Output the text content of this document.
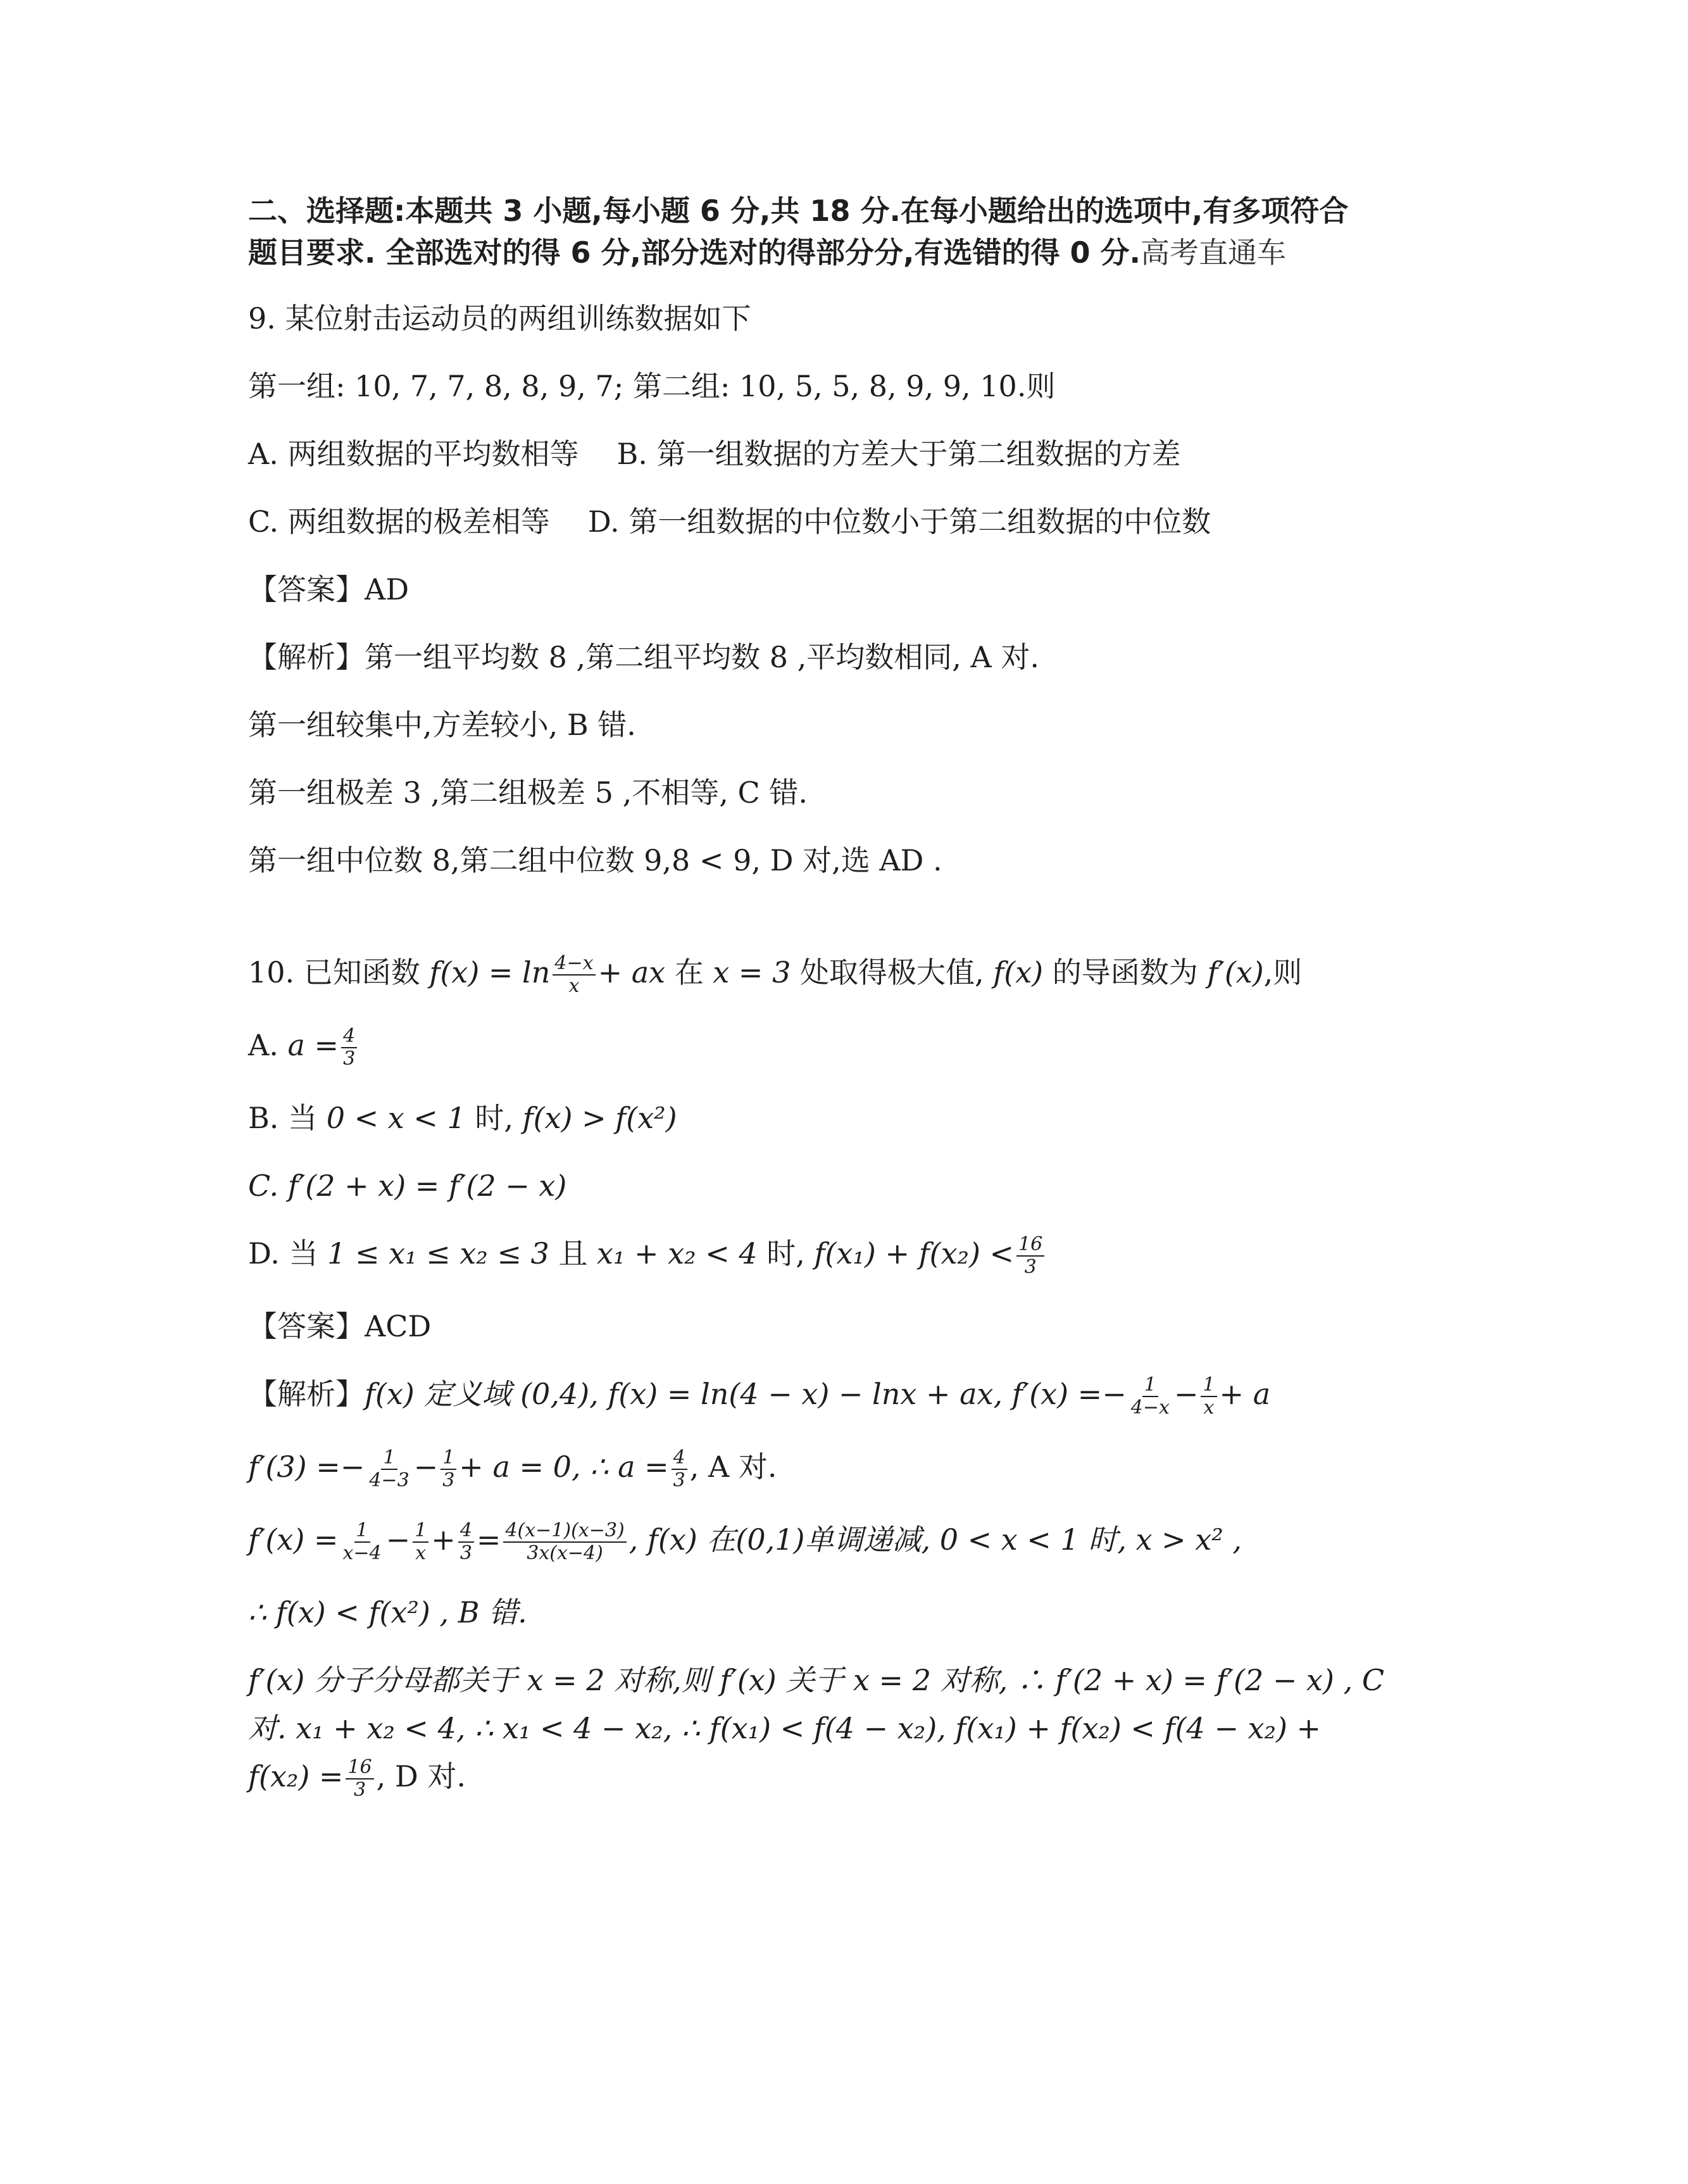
二、选择题:本题共 3 小题,每小题 6 分,共 18 分.在每小题给出的选项中,有多项符合
题目要求. 全部选对的得 6 分,部分选对的得部分分,有选错的得 0 分.高考直通车
9. 某位射击运动员的两组训练数据如下
第一组: 10, 7, 7, 8, 8, 9, 7; 第二组: 10, 5, 5, 8, 9, 9, 10.则
A. 两组数据的平均数相等 B. 第一组数据的方差大于第二组数据的方差
C. 两组数据的极差相等 D. 第一组数据的中位数小于第二组数据的中位数
【答案】AD
【解析】第一组平均数 8 ,第二组平均数 8 ,平均数相同, A 对.
第一组较集中,方差较小, B 错.
第一组极差 3 ,第二组极差 5 ,不相等, C 错.
第一组中位数 8,第二组中位数 9,8 < 9, D 对,选 AD .
10. 已知函数 $f(x) = \ln \frac{4-x}{x}$ + ax 在 x = 3 处取得极大值, f(x) 的导函数为 f′(x),则
A. $a = \frac{4}{3}$
B. 当 0 < x < 1 时, f(x) > f(x²)
C. f′(2 + x) = f′(2 − x)
D. 当 1 ≤ x₁ ≤ x₂ ≤ 3 且 x₁ + x₂ < 4 时, $f(x_1) + f(x_2) < \frac{16}{3}$
【答案】ACD
【解析】f(x) 定义域 (0,4), f(x) = ln(4 − x) − lnx + ax, $f'(x) =- \frac{1}{4-x} - \frac{1}{x} + a$
$f'(3) =- \frac{1}{4-3} - \frac{1}{3} + a = 0$, ∴ $a = \frac{4}{3}$ , A 对.
$f'(x) = \frac{1}{x-4} - \frac{1}{x} + \frac{4}{3} = \frac{4(x-1)(x-3)}{3x(x-4)}$ , f(x) 在(0,1)单调递减, 0 < x < 1 时, x > x² ,
∴ f(x) < f(x²) , B 错.
f′(x) 分子分母都关于 x = 2 对称,则 f′(x) 关于 x = 2 对称, ∴ f′(2 + x) = f′(2 − x) , C
对. x₁ + x₂ < 4, ∴ x₁ < 4 − x₂, ∴ f(x₁) < f(4 − x₂), f(x₁) + f(x₂) < f(4 − x₂) +
$f(x_2) = \frac{16}{3}$ , D 对.
